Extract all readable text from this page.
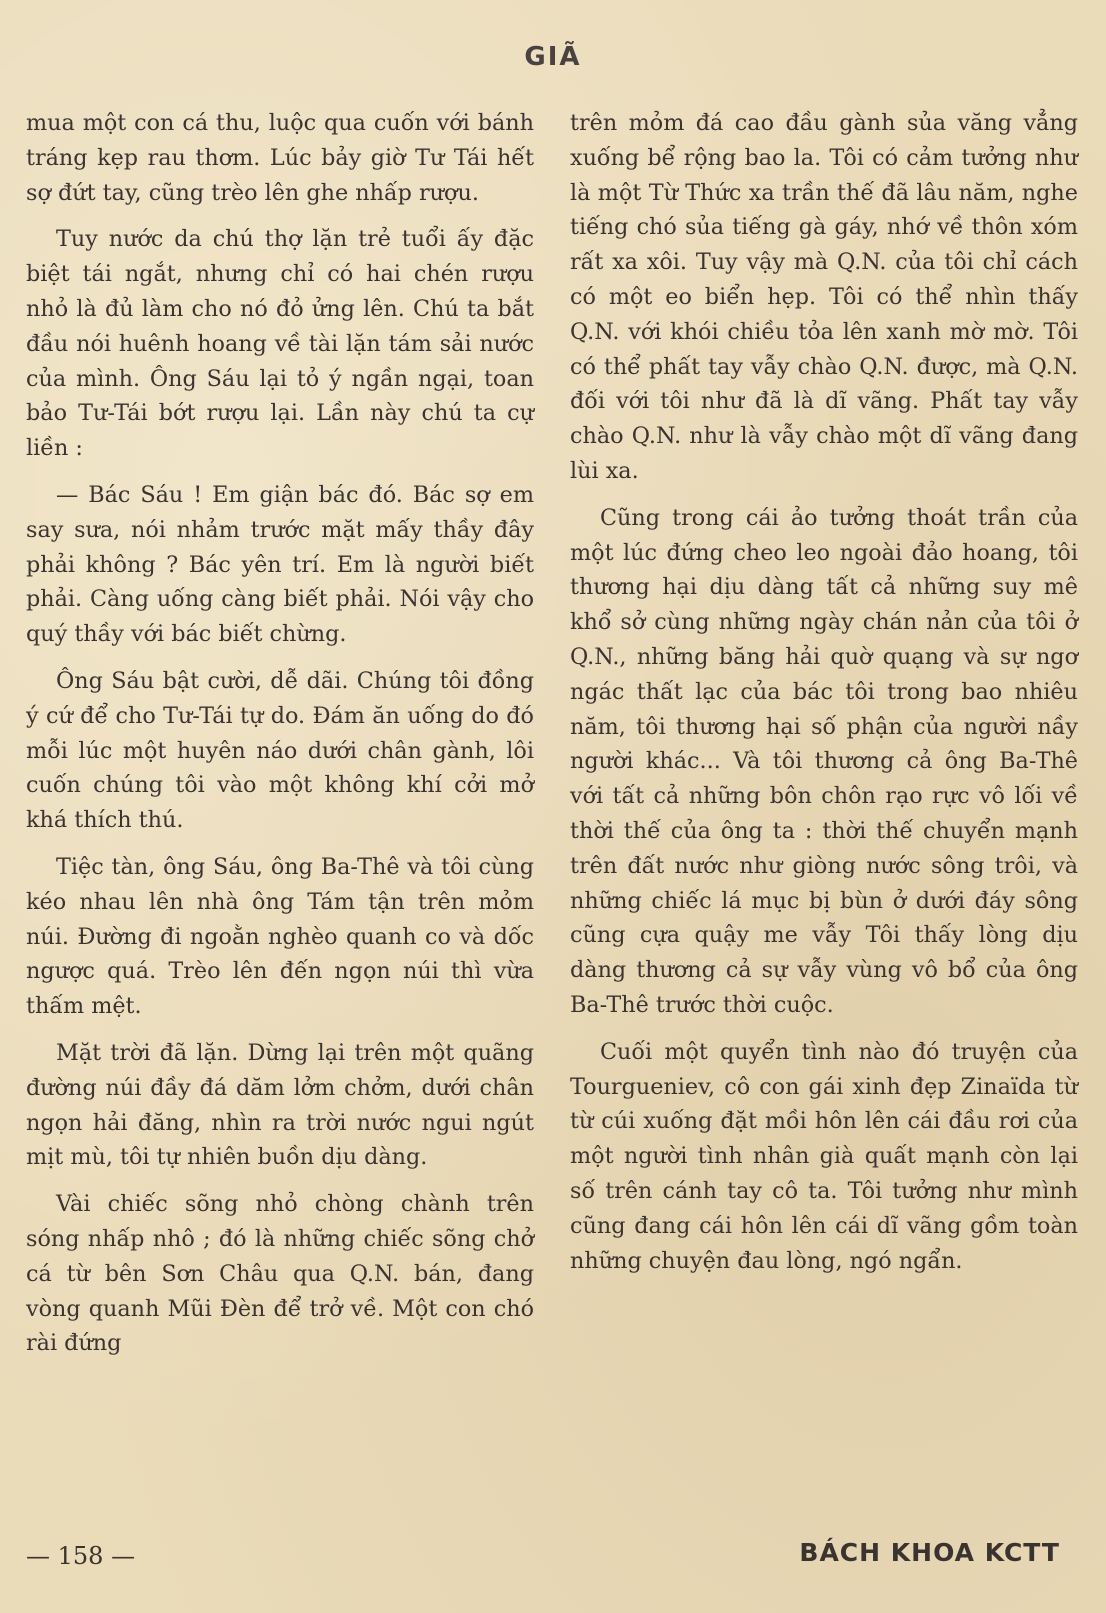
GIÃ

mua một con cá thu, luộc qua cuốn với bánh tráng kẹp rau thơm. Lúc bảy giờ Tư Tái hết sợ đứt tay, cũng trèo lên ghe nhấp rượu.

Tuy nước da chú thợ lặn trẻ tuổi ấy đặc biệt tái ngắt, nhưng chỉ có hai chén rượu nhỏ là đủ làm cho nó đỏ ửng lên. Chú ta bắt đầu nói huênh hoang về tài lặn tám sải nước của mình. Ông Sáu lại tỏ ý ngần ngại, toan bảo Tư-Tái bớt rượu lại. Lần này chú ta cự liền :

— Bác Sáu ! Em giận bác đó. Bác sợ em say sưa, nói nhảm trước mặt mấy thầy đây phải không ? Bác yên trí. Em là người biết phải. Càng uống càng biết phải. Nói vậy cho quý thầy với bác biết chừng.

Ông Sáu bật cười, dễ dãi. Chúng tôi đồng ý cứ để cho Tư-Tái tự do. Đám ăn uống do đó mỗi lúc một huyên náo dưới chân gành, lôi cuốn chúng tôi vào một không khí cởi mở khá thích thú.

Tiệc tàn, ông Sáu, ông Ba-Thê và tôi cùng kéo nhau lên nhà ông Tám tận trên mỏm núi. Đường đi ngoằn nghèo quanh co và dốc ngược quá. Trèo lên đến ngọn núi thì vừa thấm mệt.

Mặt trời đã lặn. Dừng lại trên một quãng đường núi đầy đá dăm lởm chởm, dưới chân ngọn hải đăng, nhìn ra trời nước ngui ngút mịt mù, tôi tự nhiên buồn dịu dàng.

Vài chiếc sõng nhỏ chòng chành trên sóng nhấp nhô ; đó là những chiếc sõng chở cá từ bên Sơn Châu qua Q.N. bán, đang vòng quanh Mũi Đèn để trở về. Một con chó rài đứng

trên mỏm đá cao đầu gành sủa văng vẳng xuống bể rộng bao la. Tôi có cảm tưởng như là một Từ Thức xa trần thế đã lâu năm, nghe tiếng chó sủa tiếng gà gáy, nhớ về thôn xóm rất xa xôi. Tuy vậy mà Q.N. của tôi chỉ cách có một eo biển hẹp. Tôi có thể nhìn thấy Q.N. với khói chiều tỏa lên xanh mờ mờ. Tôi có thể phất tay vẫy chào Q.N. được, mà Q.N. đối với tôi như đã là dĩ vãng. Phất tay vẫy chào Q.N. như là vẫy chào một dĩ vãng đang lùi xa.

Cũng trong cái ảo tưởng thoát trần của một lúc đứng cheo leo ngoài đảo hoang, tôi thương hại dịu dàng tất cả những suy mê khổ sở cùng những ngày chán nản của tôi ở Q.N., những băng hải quờ quạng và sự ngơ ngác thất lạc của bác tôi trong bao nhiêu năm, tôi thương hại số phận của người nầy người khác... Và tôi thương cả ông Ba-Thê với tất cả những bôn chôn rạo rực vô lối về thời thế của ông ta : thời thế chuyển mạnh trên đất nước như giòng nước sông trôi, và những chiếc lá mục bị bùn ở dưới đáy sông cũng cựa quậy me vẫy Tôi thấy lòng dịu dàng thương cả sự vẫy vùng vô bổ của ông Ba-Thê trước thời cuộc.

Cuối một quyển tình nào đó truyện của Tourgueniev, cô con gái xinh đẹp Zinaïda từ từ cúi xuống đặt mồi hôn lên cái đầu rơi của một người tình nhân già quất mạnh còn lại số trên cánh tay cô ta. Tôi tưởng như mình cũng đang cái hôn lên cái dĩ vãng gồm toàn những chuyện đau lòng, ngó ngẩn.

— 158 —	BÁCH KHOA KCTT
